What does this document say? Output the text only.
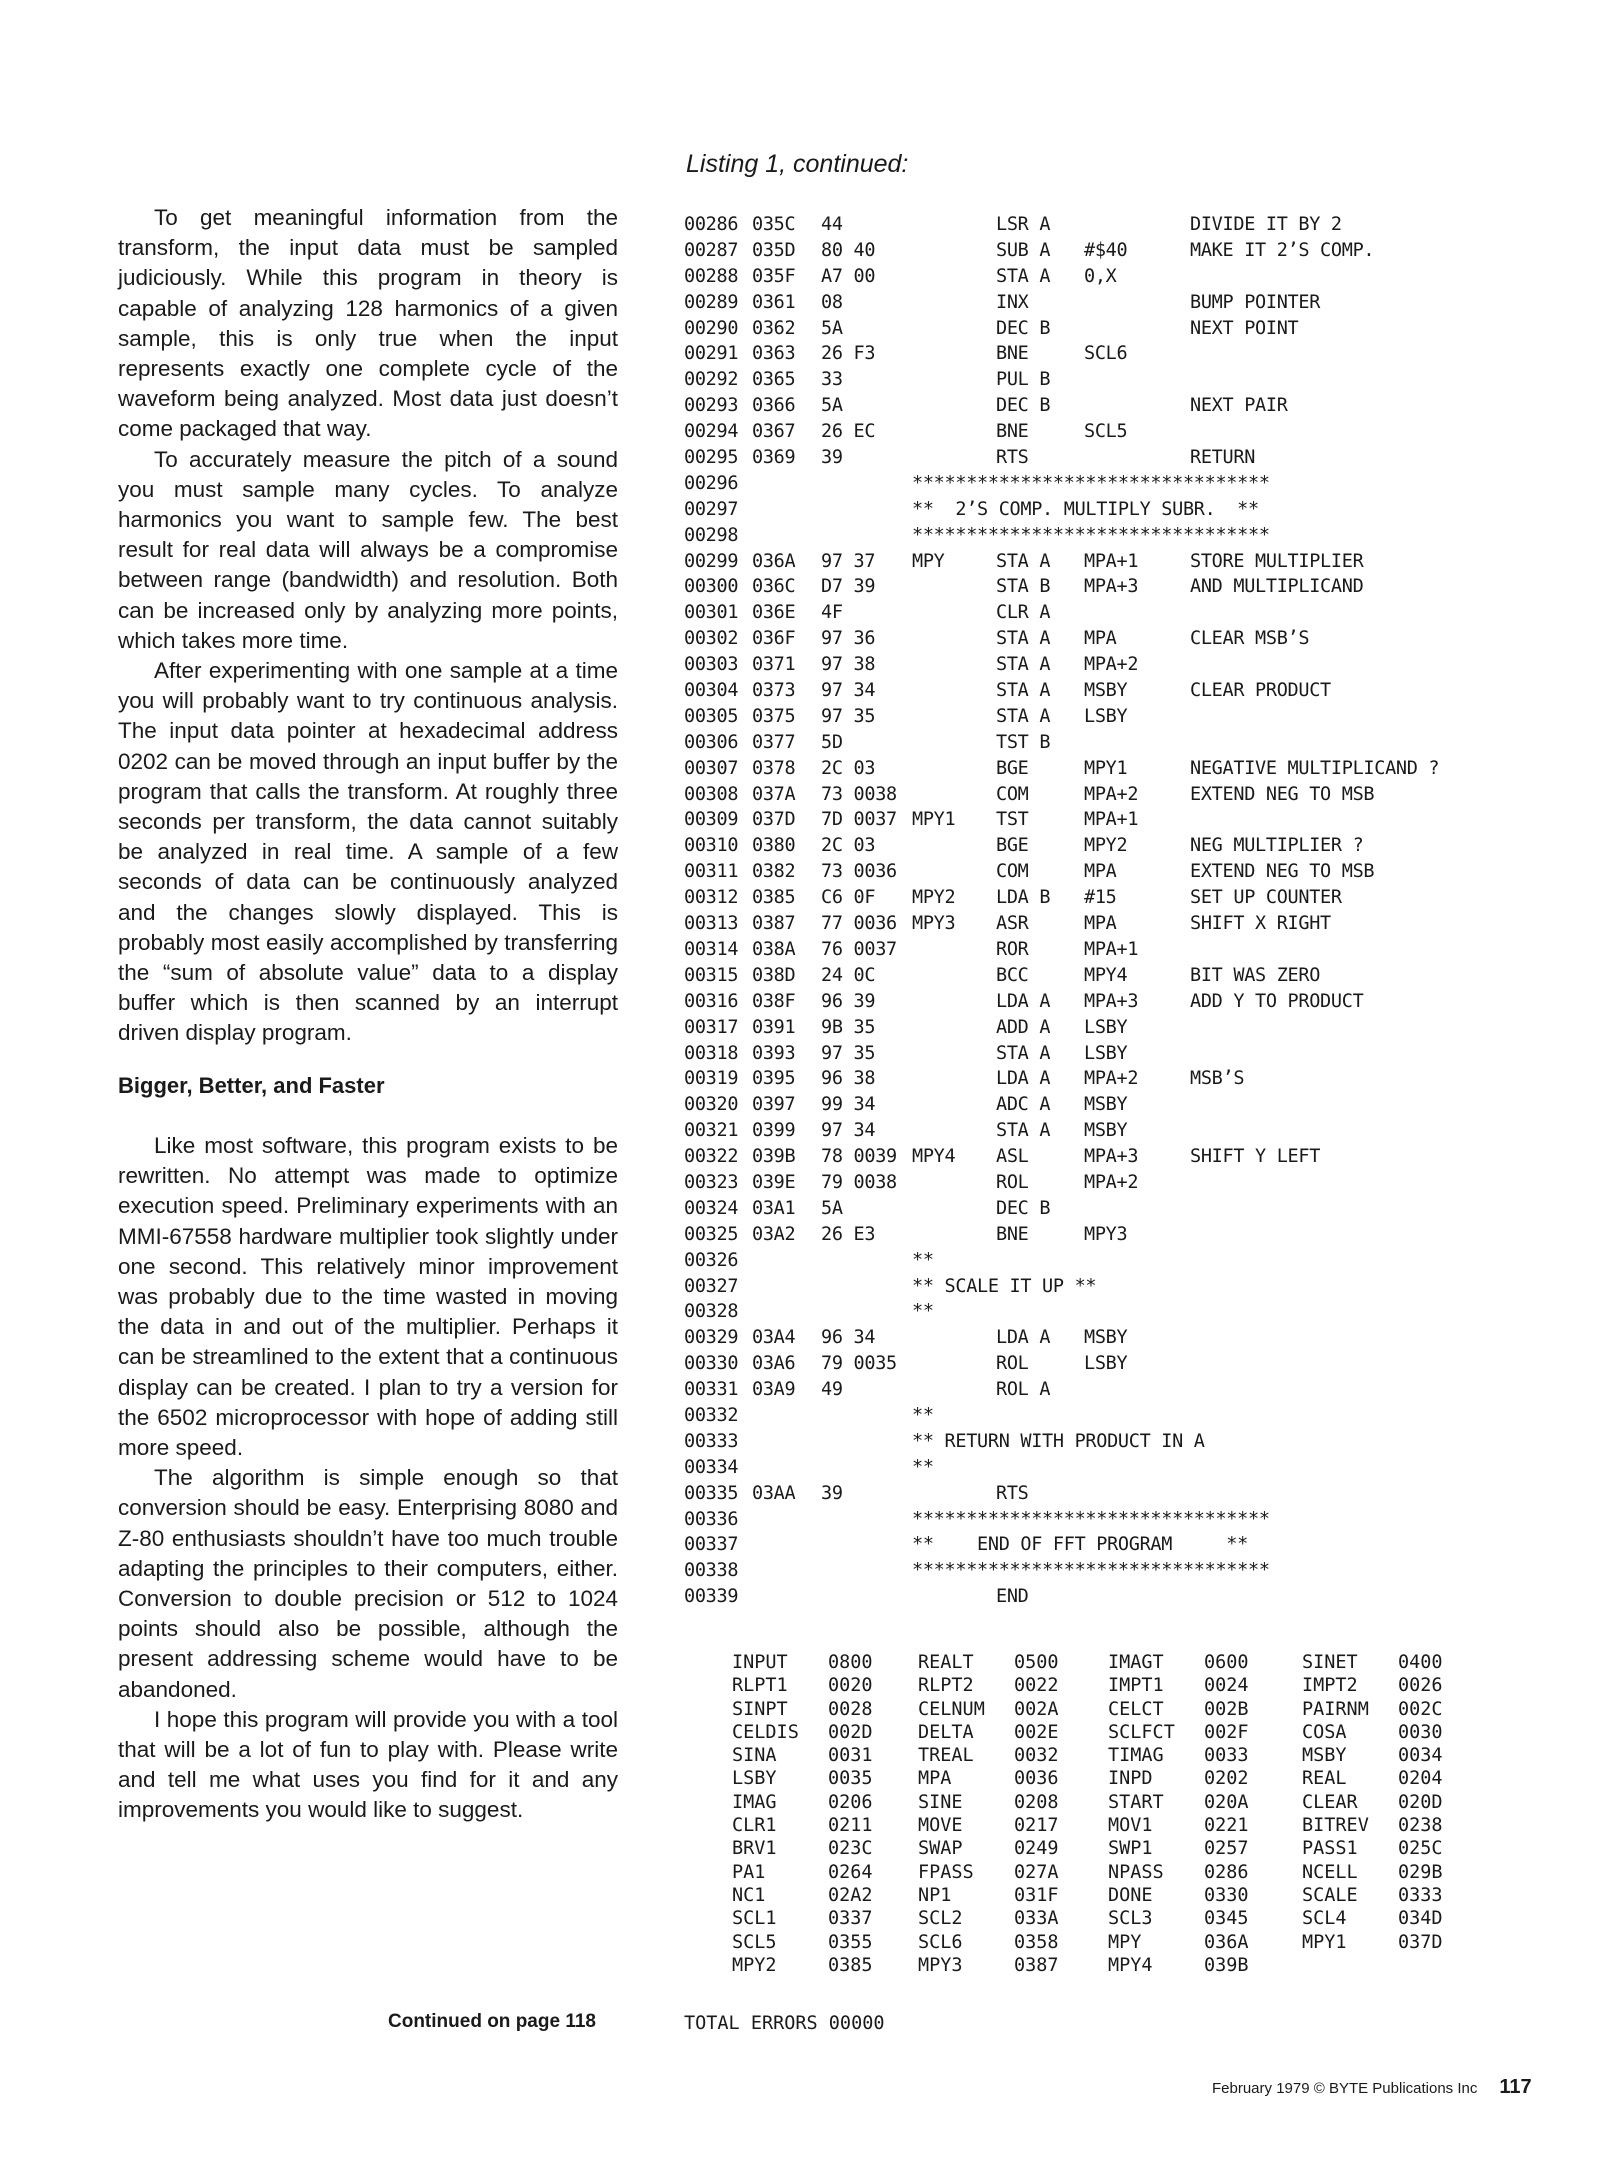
To get meaningful information from the transform, the input data must be sampled judiciously. While this program in theory is capable of analyzing 128 harmonics of a given sample, this is only true when the input represents exactly one complete cycle of the waveform being analyzed. Most data just doesn’t come packaged that way.

To accurately measure the pitch of a sound you must sample many cycles. To analyze harmonics you want to sample few. The best result for real data will always be a compromise between range (bandwidth) and resolution. Both can be increased only by analyzing more points, which takes more time.

After experimenting with one sample at a time you will probably want to try continuous analysis. The input data pointer at hexadecimal address 0202 can be moved through an input buffer by the program that calls the transform. At roughly three seconds per transform, the data cannot suitably be analyzed in real time. A sample of a few seconds of data can be continuously analyzed and the changes slowly displayed. This is probably most easily accomplished by transferring the “sum of absolute value” data to a display buffer which is then scanned by an interrupt driven display program.

Bigger, Better, and Faster

Like most software, this program exists to be rewritten. No attempt was made to optimize execution speed. Preliminary experiments with an MMI-67558 hardware multiplier took slightly under one second. This relatively minor improvement was probably due to the time wasted in moving the data in and out of the multiplier. Perhaps it can be streamlined to the extent that a continuous display can be created. I plan to try a version for the 6502 microprocessor with hope of adding still more speed.

The algorithm is simple enough so that conversion should be easy. Enterprising 8080 and Z-80 enthusiasts shouldn’t have too much trouble adapting the principles to their computers, either. Conversion to double precision or 512 to 1024 points should also be possible, although the present addressing scheme would have to be abandoned.

I hope this program will provide you with a tool that will be a lot of fun to play with. Please write and tell me what uses you find for it and any improvements you would like to suggest.

Continued on page 118
Listing 1, continued:
00286 035C 44	LSR A	DIVIDE IT BY 2
00287 035D 80 40	SUB A #$40	MAKE IT 2’S COMP.
00288 035F A7 00	STA A 0,X
00289 0361 08	INX	BUMP POINTER
00290 0362 5A	DEC B	NEXT POINT
00291 0363 26 F3	BNE	SCL6
00292 0365 33	PUL B
00293 0366 5A	DEC B	NEXT PAIR
00294 0367 26 EC	BNE	SCL5
00295 0369 39	RTS	RETURN
00296	*********************************
00297	**  2’S COMP. MULTIPLY SUBR.  **
00298	*********************************
00299 036A 97 37 MPY	STA A MPA+1	STORE MULTIPLIER
00300 036C D7 39	STA B MPA+3	AND MULTIPLICAND
00301 036E 4F	CLR A
00302 036F 97 36	STA A MPA	CLEAR MSB’S
00303 0371 97 38	STA A MPA+2
00304 0373 97 34	STA A MSBY	CLEAR PRODUCT
00305 0375 97 35	STA A LSBY
00306 0377 5D	TST B
00307 0378 2C 03	BGE	MPY1	NEGATIVE MULTIPLICAND ?
00308 037A 73 0038	COM	MPA+2	EXTEND NEG TO MSB
00309 037D 7D 0037 MPY1 TST	MPA+1
00310 0380 2C 03	BGE	MPY2	NEG MULTIPLIER ?
00311 0382 73 0036	COM	MPA	EXTEND NEG TO MSB
00312 0385 C6 0F MPY2 LDA B #15	SET UP COUNTER
00313 0387 77 0036 MPY3 ASR	MPA	SHIFT X RIGHT
00314 038A 76 0037	ROR	MPA+1
00315 038D 24 0C	BCC	MPY4	BIT WAS ZERO
00316 038F 96 39	LDA A MPA+3	ADD Y TO PRODUCT
00317 0391 9B 35	ADD A LSBY
00318 0393 97 35	STA A LSBY
00319 0395 96 38	LDA A MPA+2	MSB’S
00320 0397 99 34	ADC A MSBY
00321 0399 97 34	STA A MSBY
00322 039B 78 0039 MPY4 ASL	MPA+3	SHIFT Y LEFT
00323 039E 79 0038	ROL	MPA+2
00324 03A1 5A	DEC B
00325 03A2 26 E3	BNE	MPY3
00326	**
00327	** SCALE IT UP **
00328	**
00329 03A4 96 34	LDA A MSBY
00330 03A6 79 0035	ROL	LSBY
00331 03A9 49	ROL A
00332	**
00333	** RETURN WITH PRODUCT IN A
00334	**
00335 03AA 39	RTS
00336	*********************************
00337	**    END OF FFT PROGRAM     **
00338	*********************************
00339	END
INPUT 0800 REALT 0500	IMAGT 0600	SINET 0400
RLPT1 0020 RLPT2 0022	IMPT1 0024	IMPT2 0026
SINPT 0028 CELNUM 002A	CELCT 002B	PAIRNM 002C
CELDIS 002D DELTA 002E	SCLFCT 002F	COSA	0030
SINA	0031 TREAL 0032	TIMAG 0033	MSBY	0034
LSBY	0035 MPA	0036	INPD	0202	REAL	0204
IMAG	0206 SINE	0208	START 020A	CLEAR 020D
CLR1	0211 MOVE	0217	MOV1	0221	BITREV 0238
BRV1	023C SWAP	0249	SWP1	0257	PASS1 025C
PA1	0264 FPASS 027A	NPASS 0286	NCELL 029B
NC1	02A2 NP1	031F	DONE	0330	SCALE 0333
SCL1	0337 SCL2	033A	SCL3	0345	SCL4	034D
SCL5	0355 SCL6	0358	MPY	036A	MPY1	037D
MPY2	0385 MPY3	0387	MPY4	039B
TOTAL ERRORS 00000
February 1979 © BYTE Publications Inc 117
